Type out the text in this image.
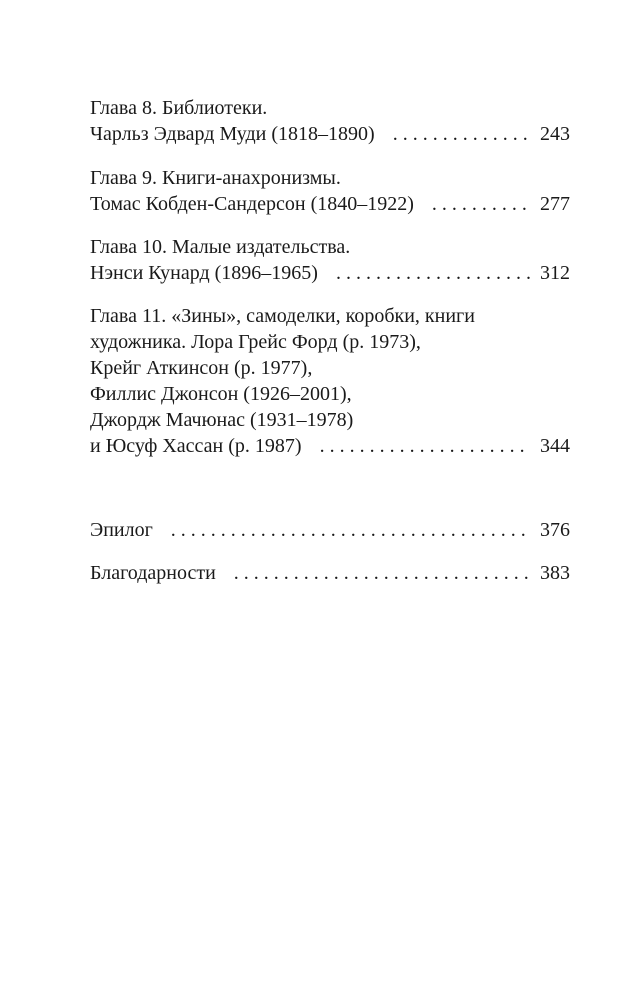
Глава 8. Библиотеки.
Чарльз Эдвард Муди (1818–1890) . . .	243
Глава 9. Книги-анахронизмы.
Томас Кобден-Сандерсон (1840–1922) . . .	277
Глава 10. Малые издательства.
Нэнси Кунард (1896–1965) . . .	312
Глава 11. «Зины», самоделки, коробки, книги
художника. Лора Грейс Форд (р. 1973),
Крейг Аткинсон (р. 1977),
Филлис Джонсон (1926–2001),
Джордж Мачюнас (1931–1978)
и Юсуф Хассан (р. 1987) . . .	344
Эпилог . . .	376
Благодарности . . .	383
